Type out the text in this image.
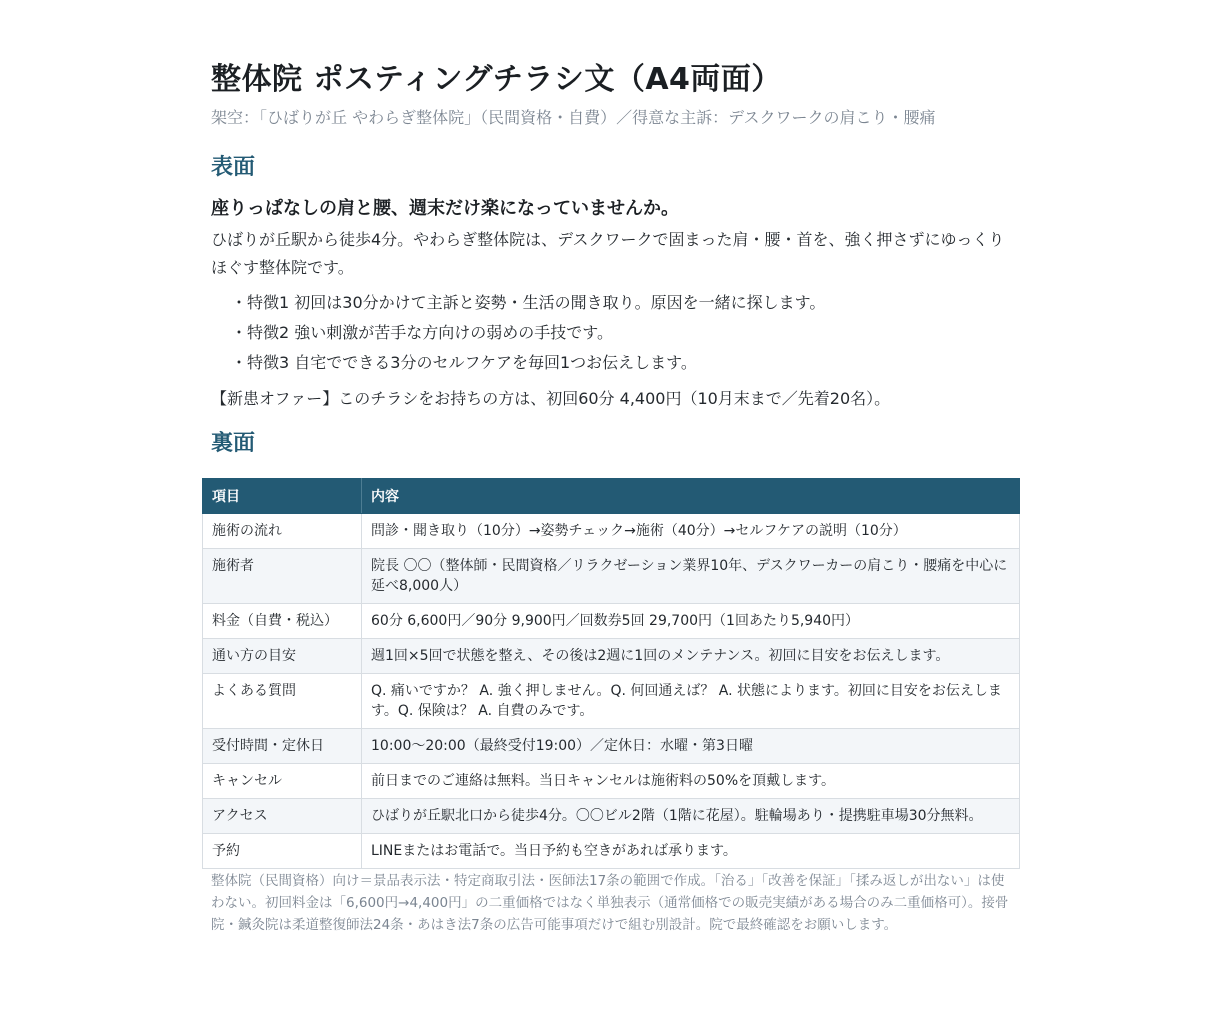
整体院 ポスティングチラシ文（A4両面）

架空：「ひばりが丘 やわらぎ整体院」（民間資格・自費）／得意な主訴：デスクワークの肩こり・腰痛

表面

座りっぱなしの肩と腰、週末だけ楽になっていませんか。

ひばりが丘駅から徒歩4分。やわらぎ整体院は、デスクワークで固まった肩・腰・首を、強く押さずにゆっくりほぐす整体院です。

・特徴1 初回は30分かけて主訴と姿勢・生活の聞き取り。原因を一緒に探します。
・特徴2 強い刺激が苦手な方向けの弱めの手技です。
・特徴3 自宅でできる3分のセルフケアを毎回1つお伝えします。

【新患オファー】このチラシをお持ちの方は、初回60分 4,400円（10月末まで／先着20名）。

裏面
項目	内容
施術の流れ	問診・聞き取り（10分）→姿勢チェック→施術（40分）→セルフケアの説明（10分）
施術者	院長 〇〇（整体師・民間資格／リラクゼーション業界10年、デスクワーカーの肩こり・腰痛を中心に延べ8,000人）
料金（自費・税込）	60分 6,600円／90分 9,900円／回数券5回 29,700円（1回あたり5,940円）
通い方の目安	週1回×5回で状態を整え、その後は2週に1回のメンテナンス。初回に目安をお伝えします。
よくある質問	Q. 痛いですか？ A. 強く押しません。Q. 何回通えば？ A. 状態によります。初回に目安をお伝えします。Q. 保険は？ A. 自費のみです。
受付時間・定休日	10:00〜20:00（最終受付19:00）／定休日：水曜・第3日曜
キャンセル	前日までのご連絡は無料。当日キャンセルは施術料の50%を頂戴します。
アクセス	ひばりが丘駅北口から徒歩4分。〇〇ビル2階（1階に花屋）。駐輪場あり・提携駐車場30分無料。
予約	LINEまたはお電話で。当日予約も空きがあれば承ります。

整体院（民間資格）向け＝景品表示法・特定商取引法・医師法17条の範囲で作成。「治る」「改善を保証」「揉み返しが出ない」は使わない。初回料金は「6,600円→4,400円」の二重価格ではなく単独表示（通常価格での販売実績がある場合のみ二重価格可）。接骨院・鍼灸院は柔道整復師法24条・あはき法7条の広告可能事項だけで組む別設計。院で最終確認をお願いします。
